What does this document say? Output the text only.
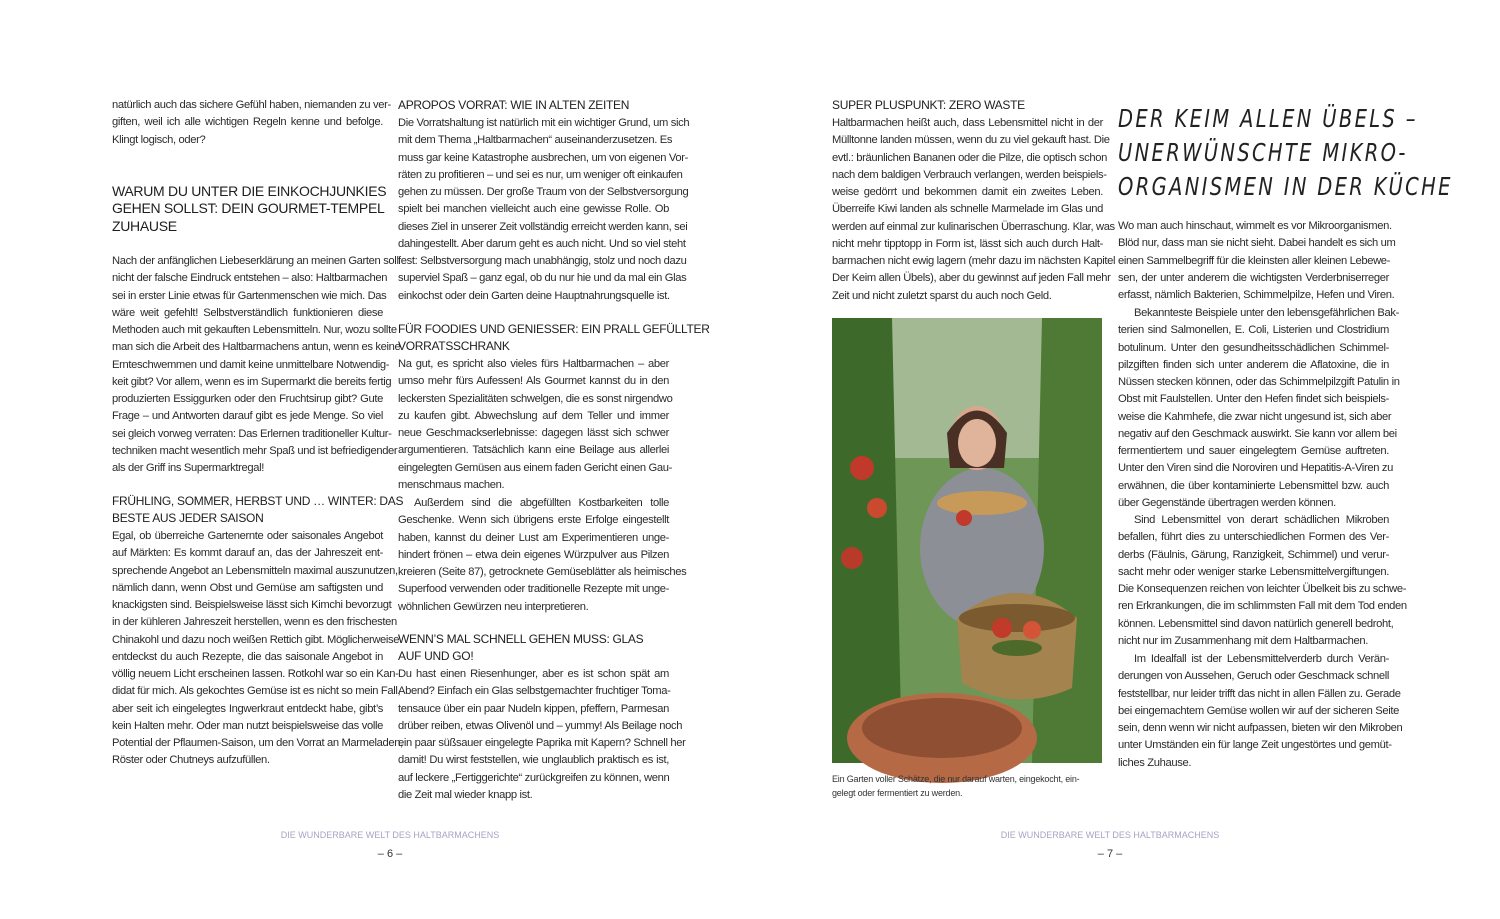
natürlich auch das sichere Gefühl haben, niemanden zu ver-
giften, weil ich alle wichtigen Regeln kenne und befolge.
Klingt logisch, oder?
WARUM DU UNTER DIE EINKOCHJUNKIES
GEHEN SOLLST: DEIN GOURMET-TEMPEL
ZUHAUSE
Nach der anfänglichen Liebeserklärung an meinen Garten soll
nicht der falsche Eindruck entstehen – also: Haltbarmachen
sei in erster Linie etwas für Gartenmenschen wie mich. Das
wäre weit gefehlt! Selbstverständlich funktionieren diese
Methoden auch mit gekauften Lebensmitteln. Nur, wozu sollte
man sich die Arbeit des Haltbarmachens antun, wenn es keine
Ernteschwemmen und damit keine unmittelbare Notwendig-
keit gibt? Vor allem, wenn es im Supermarkt die bereits fertig
produzierten Essiggurken oder den Fruchtsirup gibt? Gute
Frage – und Antworten darauf gibt es jede Menge. So viel
sei gleich vorweg verraten: Das Erlernen traditioneller Kultur-
techniken macht wesentlich mehr Spaß und ist befriedigender
als der Griff ins Supermarktregal!
FRÜHLING, SOMMER, HERBST UND … WINTER: DAS
BESTE AUS JEDER SAISON
Egal, ob überreiche Gartenernte oder saisonales Angebot
auf Märkten: Es kommt darauf an, das der Jahreszeit ent-
sprechende Angebot an Lebensmitteln maximal auszunutzen,
nämlich dann, wenn Obst und Gemüse am saftigsten und
knackigsten sind. Beispielsweise lässt sich Kimchi bevorzugt
in der kühleren Jahreszeit herstellen, wenn es den frischesten
Chinakohl und dazu noch weißen Rettich gibt. Möglicherweise
entdeckst du auch Rezepte, die das saisonale Angebot in
völlig neuem Licht erscheinen lassen. Rotkohl war so ein Kan-
didat für mich. Als gekochtes Gemüse ist es nicht so mein Fall,
aber seit ich eingelegtes Ingwerkraut entdeckt habe, gibt’s
kein Halten mehr. Oder man nutzt beispielsweise das volle
Potential der Pflaumen-Saison, um den Vorrat an Marmeladen,
Röster oder Chutneys aufzufüllen.
APROPOS VORRAT: WIE IN ALTEN ZEITEN
Die Vorratshaltung ist natürlich mit ein wichtiger Grund, um sich
mit dem Thema „Haltbarmachen“ auseinanderzusetzen. Es
muss gar keine Katastrophe ausbrechen, um von eigenen Vor-
räten zu profitieren – und sei es nur, um weniger oft einkaufen
gehen zu müssen. Der große Traum von der Selbstversorgung
spielt bei manchen vielleicht auch eine gewisse Rolle. Ob
dieses Ziel in unserer Zeit vollständig erreicht werden kann, sei
dahingestellt. Aber darum geht es auch nicht. Und so viel steht
fest: Selbstversorgung mach unabhängig, stolz und noch dazu
superviel Spaß – ganz egal, ob du nur hie und da mal ein Glas
einkochst oder dein Garten deine Hauptnahrungsquelle ist.
FÜR FOODIES UND GENIESSER: EIN PRALL GEFÜLLTER
VORRATSSCHRANK
Na gut, es spricht also vieles fürs Haltbarmachen – aber
umso mehr fürs Aufessen! Als Gourmet kannst du in den
leckersten Spezialitäten schwelgen, die es sonst nirgendwo
zu kaufen gibt. Abwechslung auf dem Teller und immer
neue Geschmackserlebnisse: dagegen lässt sich schwer
argumentieren. Tatsächlich kann eine Beilage aus allerlei
eingelegten Gemüsen aus einem faden Gericht einen Gau-
menschmaus machen.
Außerdem sind die abgefüllten Kostbarkeiten tolle
Geschenke. Wenn sich übrigens erste Erfolge eingestellt
haben, kannst du deiner Lust am Experimentieren unge-
hindert frönen – etwa dein eigenes Würzpulver aus Pilzen
kreieren (Seite 87), getrocknete Gemüseblätter als heimisches
Superfood verwenden oder traditionelle Rezepte mit unge-
wöhnlichen Gewürzen neu interpretieren.
WENN’S MAL SCHNELL GEHEN MUSS: GLAS
AUF UND GO!
Du hast einen Riesenhunger, aber es ist schon spät am
Abend? Einfach ein Glas selbstgemachter fruchtiger Toma-
tensauce über ein paar Nudeln kippen, pfeffern, Parmesan
drüber reiben, etwas Olivenöl und – yummy! Als Beilage noch
ein paar süßsauer eingelegte Paprika mit Kapern? Schnell her
damit! Du wirst feststellen, wie unglaublich praktisch es ist,
auf leckere „Fertiggerichte“ zurückgreifen zu können, wenn
die Zeit mal wieder knapp ist.
SUPER PLUSPUNKT: ZERO WASTE
Haltbarmachen heißt auch, dass Lebensmittel nicht in der
Mülltonne landen müssen, wenn du zu viel gekauft hast. Die
evtl.: bräunlichen Bananen oder die Pilze, die optisch schon
nach dem baldigen Verbrauch verlangen, werden beispiels-
weise gedörrt und bekommen damit ein zweites Leben.
Überreife Kiwi landen als schnelle Marmelade im Glas und
werden auf einmal zur kulinarischen Überraschung. Klar, was
nicht mehr tipptopp in Form ist, lässt sich auch durch Halt-
barmachen nicht ewig lagern (mehr dazu im nächsten Kapitel
Der Keim allen Übels), aber du gewinnst auf jeden Fall mehr
Zeit und nicht zuletzt sparst du auch noch Geld.
Wo man auch hinschaut, wimmelt es vor Mikroorganismen.
Blöd nur, dass man sie nicht sieht. Dabei handelt es sich um
einen Sammelbegriff für die kleinsten aller kleinen Lebewe-
sen, der unter anderem die wichtigsten Verderbniserreger
erfasst, nämlich Bakterien, Schimmelpilze, Hefen und Viren.
Bekannteste Beispiele unter den lebensgefährlichen Bak-
terien sind Salmonellen, E. Coli, Listerien und Clostridium
botulinum. Unter den gesundheitsschädlichen Schimmel-
pilzgiften finden sich unter anderem die Aflatoxine, die in
Nüssen stecken können, oder das Schimmelpilzgift Patulin in
Obst mit Faulstellen. Unter den Hefen findet sich beispiels-
weise die Kahmhefe, die zwar nicht ungesund ist, sich aber
negativ auf den Geschmack auswirkt. Sie kann vor allem bei
fermentiertem und sauer eingelegtem Gemüse auftreten.
Unter den Viren sind die Noroviren und Hepatitis-A-Viren zu
erwähnen, die über kontaminierte Lebensmittel bzw. auch
über Gegenstände übertragen werden können.
Sind Lebensmittel von derart schädlichen Mikroben
befallen, führt dies zu unterschiedlichen Formen des Ver-
derbs (Fäulnis, Gärung, Ranzigkeit, Schimmel) und verur-
sacht mehr oder weniger starke Lebensmittelvergiftungen.
Die Konsequenzen reichen von leichter Übelkeit bis zu schwe-
ren Erkrankungen, die im schlimmsten Fall mit dem Tod enden
können. Lebensmittel sind davon natürlich generell bedroht,
nicht nur im Zusammenhang mit dem Haltbarmachen.
Im Idealfall ist der Lebensmittelverderb durch Verän-
derungen von Aussehen, Geruch oder Geschmack schnell
feststellbar, nur leider trifft das nicht in allen Fällen zu. Gerade
bei eingemachtem Gemüse wollen wir auf der sicheren Seite
sein, denn wenn wir nicht aufpassen, bieten wir den Mikroben
unter Umständen ein für lange Zeit ungestörtes und gemüt-
liches Zuhause.
DER KEIM ALLEN ÜBELS –
UNERWÜNSCHTE MIKRO-
ORGANISMEN IN DER KÜCHE
Ein Garten voller Schätze, die nur darauf warten, eingekocht, ein-
gelegt oder fermentiert zu werden.
DIE WUNDERBARE WELT DES HALTBARMACHENS
– 6 –
DIE WUNDERBARE WELT DES HALTBARMACHENS
– 7 –
